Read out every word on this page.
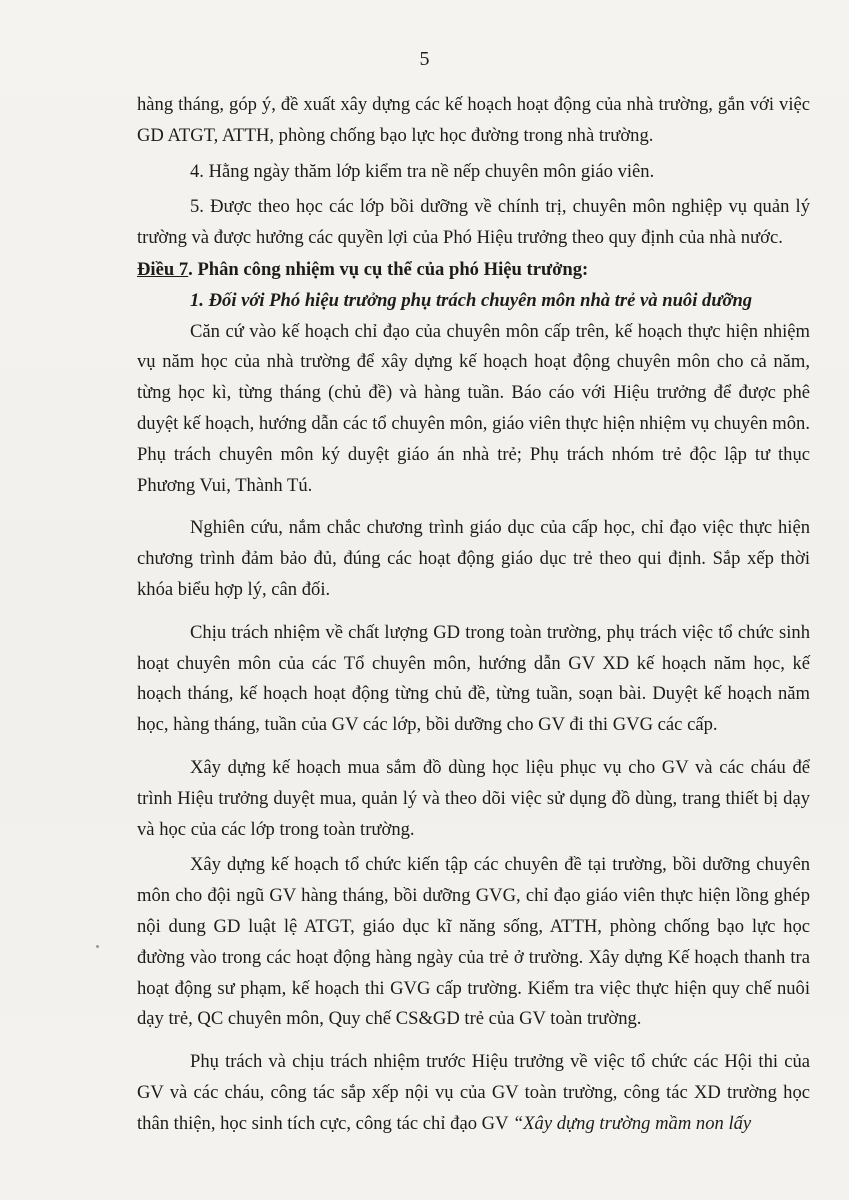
5

hàng tháng, góp ý, đề xuất xây dựng các kế hoạch hoạt động của nhà trường, gắn với việc GD ATGT, ATTH, phòng chống bạo lực học đường trong nhà trường.

4. Hằng ngày thăm lớp kiểm tra nề nếp chuyên môn giáo viên.

5. Được theo học các lớp bồi dưỡng về chính trị, chuyên môn nghiệp vụ quản lý trường và được hưởng các quyền lợi của Phó Hiệu trưởng theo quy định của nhà nước.

Điều 7. Phân công nhiệm vụ cụ thể của phó Hiệu trưởng:

1. Đối với Phó hiệu trưởng phụ trách chuyên môn nhà trẻ và nuôi dưỡng

Căn cứ vào kế hoạch chỉ đạo của chuyên môn cấp trên, kế hoạch thực hiện nhiệm vụ năm học của nhà trường để xây dựng kế hoạch hoạt động chuyên môn cho cả năm, từng học kì, từng tháng (chủ đề) và hàng tuần. Báo cáo với Hiệu trưởng để được phê duyệt kế hoạch, hướng dẫn các tổ chuyên môn, giáo viên thực hiện nhiệm vụ chuyên môn. Phụ trách chuyên môn ký duyệt giáo án nhà trẻ; Phụ trách nhóm trẻ độc lập tư thục Phương Vui, Thành Tú.

Nghiên cứu, nắm chắc chương trình giáo dục của cấp học, chỉ đạo việc thực hiện chương trình đảm bảo đủ, đúng các hoạt động giáo dục trẻ theo qui định. Sắp xếp thời khóa biểu hợp lý, cân đối.

Chịu trách nhiệm về chất lượng GD trong toàn trường, phụ trách việc tổ chức sinh hoạt chuyên môn của các Tổ chuyên môn, hướng dẫn GV XD kế hoạch năm học, kế hoạch tháng, kế hoạch hoạt động từng chủ đề, từng tuần, soạn bài. Duyệt kế hoạch năm học, hàng tháng, tuần của GV các lớp, bồi dưỡng cho GV đi thi GVG các cấp.

Xây dựng kế hoạch mua sắm đồ dùng học liệu phục vụ cho GV và các cháu để trình Hiệu trưởng duyệt mua, quản lý và theo dõi việc sử dụng đồ dùng, trang thiết bị dạy và học của các lớp trong toàn trường.

Xây dựng kế hoạch tổ chức kiến tập các chuyên đề tại trường, bồi dưỡng chuyên môn cho đội ngũ GV hàng tháng, bồi dưỡng GVG, chỉ đạo giáo viên thực hiện lồng ghép nội dung GD luật lệ ATGT, giáo dục kĩ năng sống, ATTH, phòng chống bạo lực học đường vào trong các hoạt động hàng ngày của trẻ ở trường. Xây dựng Kế hoạch thanh tra hoạt động sư phạm, kế hoạch thi GVG cấp trường. Kiểm tra việc thực hiện quy chế nuôi dạy trẻ, QC chuyên môn, Quy chế CS&GD trẻ của GV toàn trường.

Phụ trách và chịu trách nhiệm trước Hiệu trưởng về việc tổ chức các Hội thi của GV và các cháu, công tác sắp xếp nội vụ của GV toàn trường, công tác XD trường học thân thiện, học sinh tích cực, công tác chỉ đạo GV “Xây dựng trường mầm non lấy
